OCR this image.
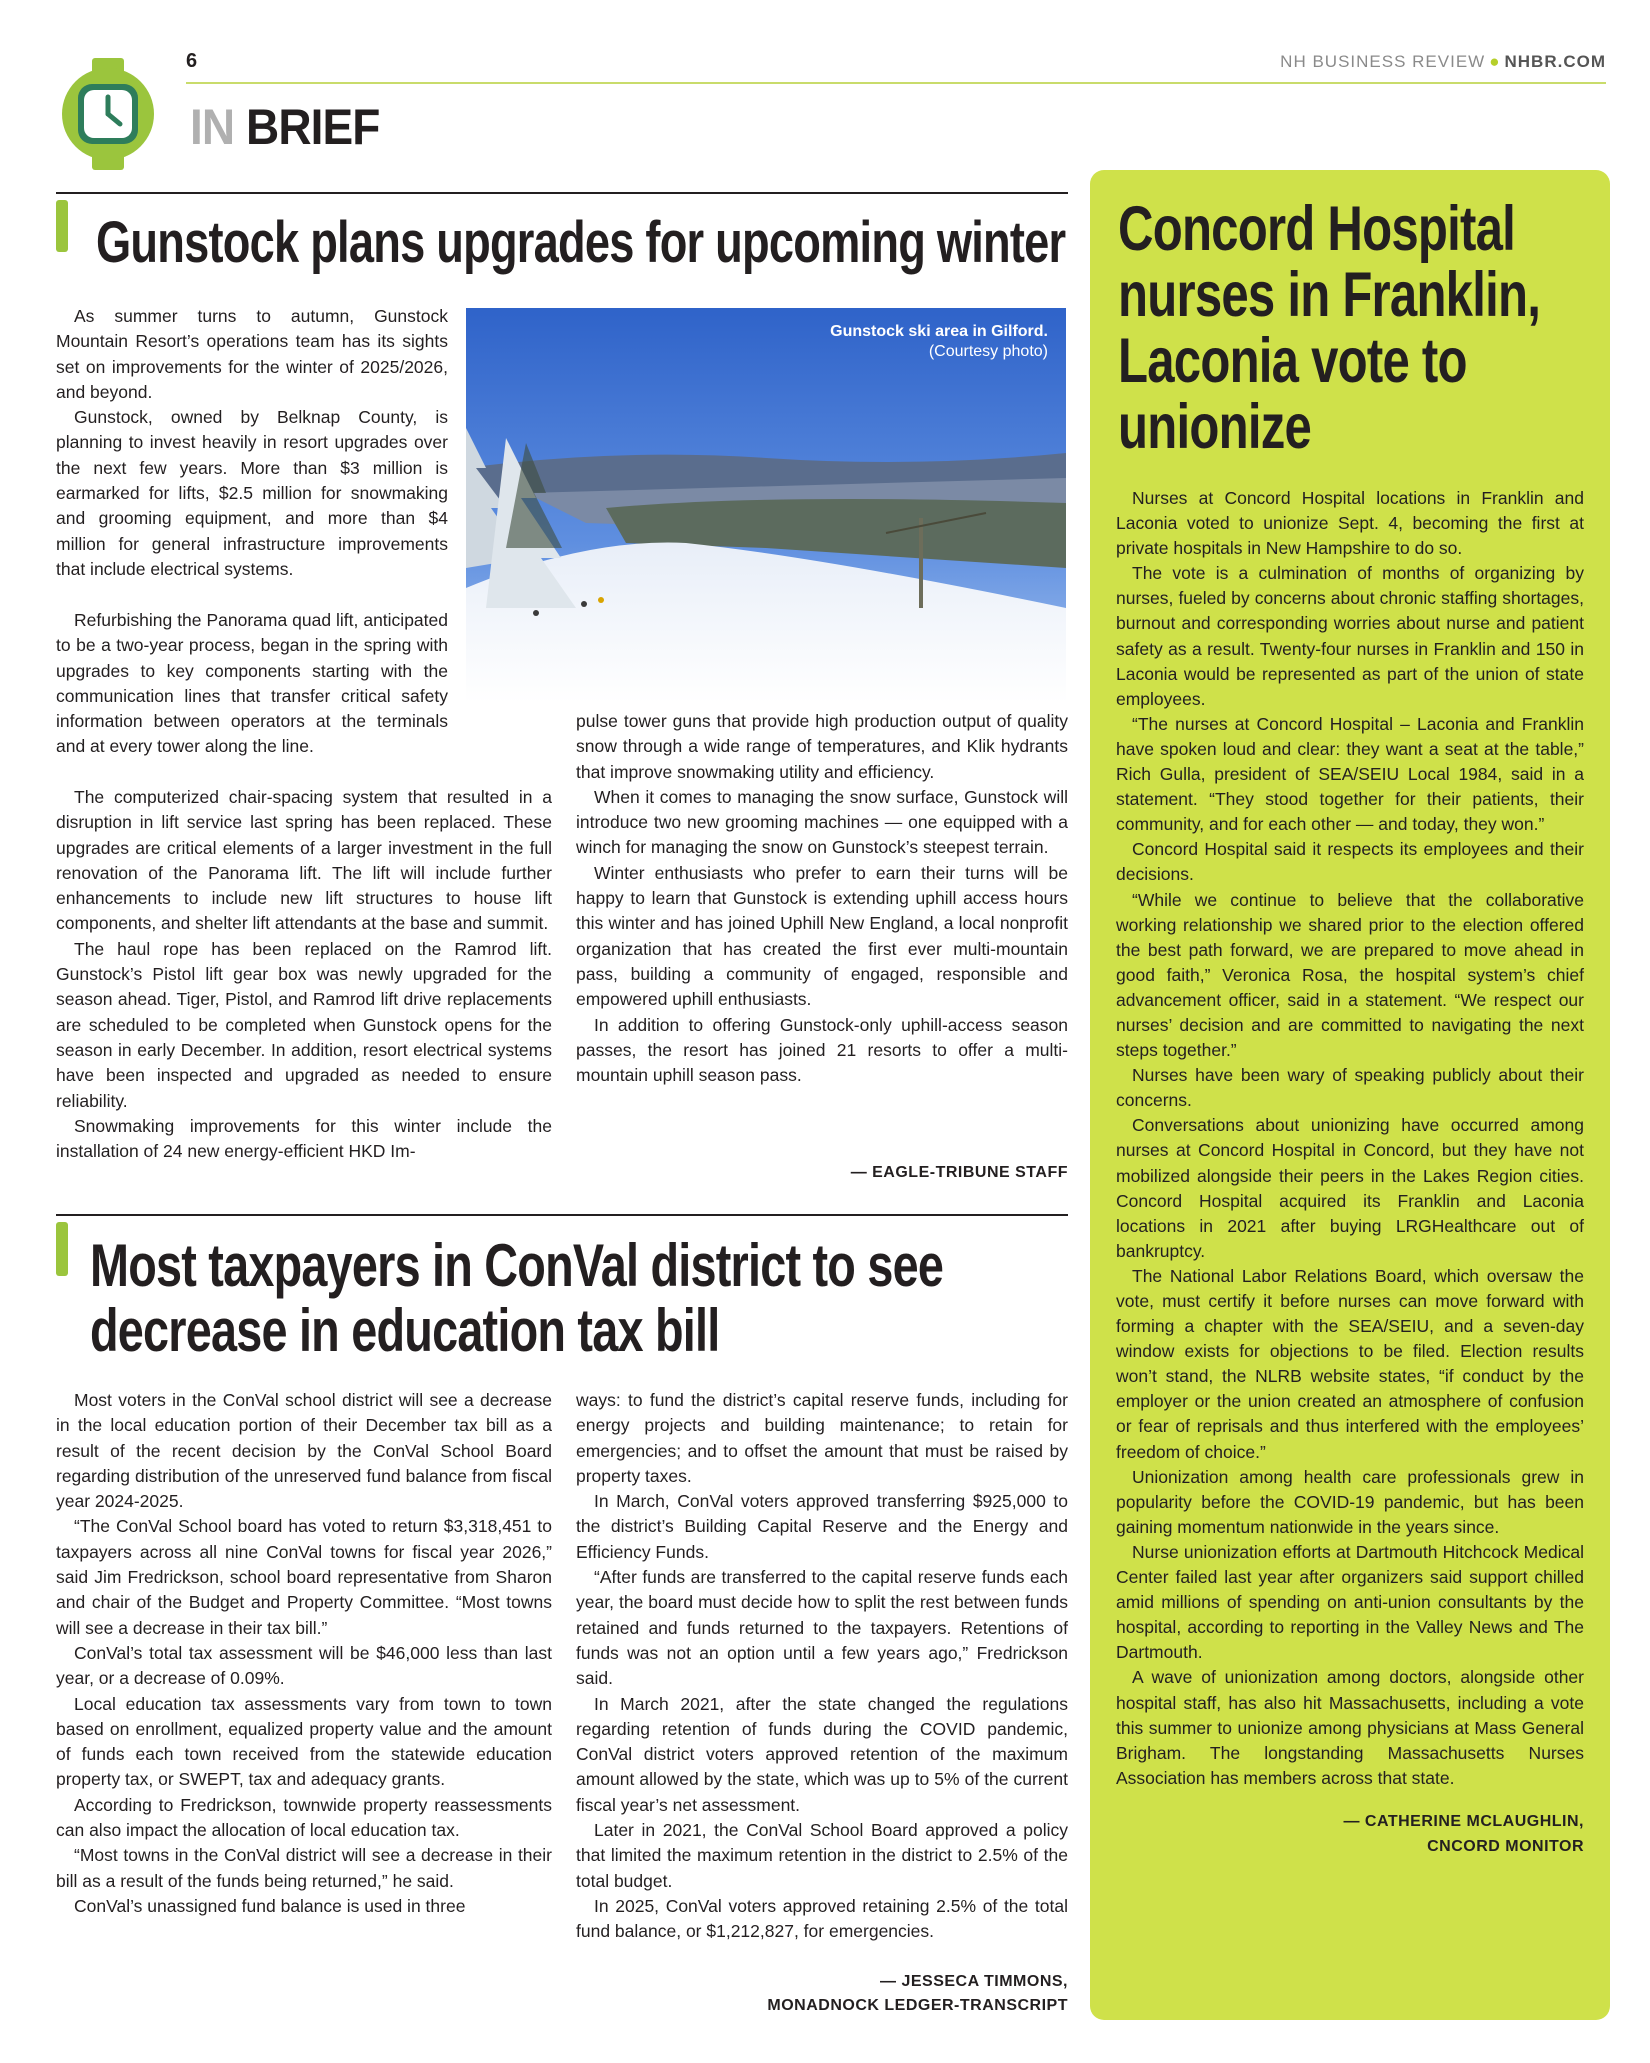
6	NH BUSINESS REVIEW ● NHBR.COM
IN BRIEF
Gunstock plans upgrades for upcoming winter
Gunstock ski area in Gilford.
(Courtesy photo)

As summer turns to autumn, Gunstock Mountain Resort’s operations team has its sights set on improvements for the winter of 2025/2026, and beyond.

Gunstock, owned by Belknap County, is planning to invest heavily in resort upgrades over the next few years. More than $3 million is earmarked for lifts, $2.5 million for snowmaking and grooming equipment, and more than $4 million for general infrastructure improvements that include electrical systems.

Refurbishing the Panorama quad lift, anticipated to be a two-year process, began in the spring with upgrades to key components starting with the communication lines that transfer critical safety information between operators at the terminals and at every tower along the line.

The computerized chair-spacing system that resulted in a disruption in lift service last spring has been replaced. These upgrades are critical elements of a larger investment in the full renovation of the Panorama lift. The lift will include further enhancements to include new lift structures to house lift components, and shelter lift attendants at the base and summit.

The haul rope has been replaced on the Ramrod lift. Gunstock’s Pistol lift gear box was newly upgraded for the season ahead. Tiger, Pistol, and Ramrod lift drive replacements are scheduled to be completed when Gunstock opens for the season in early December. In addition, resort electrical systems have been inspected and upgraded as needed to ensure reliability.

Snowmaking improvements for this winter include the installation of 24 new energy-efficient HKD Im-

pulse tower guns that provide high production output of quality snow through a wide range of temperatures, and Klik hydrants that improve snowmaking utility and efficiency.

When it comes to managing the snow surface, Gunstock will introduce two new grooming machines — one equipped with a winch for managing the snow on Gunstock’s steepest terrain.

Winter enthusiasts who prefer to earn their turns will be happy to learn that Gunstock is extending uphill access hours this winter and has joined Uphill New England, a local nonprofit organization that has created the first ever multi-mountain pass, building a community of engaged, responsible and empowered uphill enthusiasts.

In addition to offering Gunstock-only uphill-access season passes, the resort has joined 21 resorts to offer a multi-mountain uphill season pass.

— EAGLE-TRIBUNE STAFF
Most taxpayers in ConVal district to see
decrease in education tax bill

Most voters in the ConVal school district will see a decrease in the local education portion of their December tax bill as a result of the recent decision by the ConVal School Board regarding distribution of the unreserved fund balance from fiscal year 2024-2025.

“The ConVal School board has voted to return $3,318,451 to taxpayers across all nine ConVal towns for fiscal year 2026,” said Jim Fredrickson, school board representative from Sharon and chair of the Budget and Property Committee. “Most towns will see a decrease in their tax bill.”

ConVal’s total tax assessment will be $46,000 less than last year, or a decrease of 0.09%.

Local education tax assessments vary from town to town based on enrollment, equalized property value and the amount of funds each town received from the statewide education property tax, or SWEPT, tax and adequacy grants.

According to Fredrickson, townwide property reassessments can also impact the allocation of local education tax.

“Most towns in the ConVal district will see a decrease in their bill as a result of the funds being returned,” he said.

ConVal’s unassigned fund balance is used in three

ways: to fund the district’s capital reserve funds, including for energy projects and building maintenance; to retain for emergencies; and to offset the amount that must be raised by property taxes.

In March, ConVal voters approved transferring $925,000 to the district’s Building Capital Reserve and the Energy and Efficiency Funds.

“After funds are transferred to the capital reserve funds each year, the board must decide how to split the rest between funds retained and funds returned to the taxpayers. Retentions of funds was not an option until a few years ago,” Fredrickson said.

In March 2021, after the state changed the regulations regarding retention of funds during the COVID pandemic, ConVal district voters approved retention of the maximum amount allowed by the state, which was up to 5% of the current fiscal year’s net assessment.

Later in 2021, the ConVal School Board approved a policy that limited the maximum retention in the district to 2.5% of the total budget.

In 2025, ConVal voters approved retaining 2.5% of the total fund balance, or $1,212,827, for emergencies.

— JESSECA TIMMONS,
MONADNOCK LEDGER-TRANSCRIPT
Concord Hospital
nurses in Franklin,
Laconia vote to
unionize

Nurses at Concord Hospital locations in Franklin and Laconia voted to unionize Sept. 4, becoming the first at private hospitals in New Hampshire to do so.

The vote is a culmination of months of organizing by nurses, fueled by concerns about chronic staffing shortages, burnout and corresponding worries about nurse and patient safety as a result. Twenty-four nurses in Franklin and 150 in Laconia would be represented as part of the union of state employees.

“The nurses at Concord Hospital – Laconia and Franklin have spoken loud and clear: they want a seat at the table,” Rich Gulla, president of SEA/SEIU Local 1984, said in a statement. “They stood together for their patients, their community, and for each other — and today, they won.”

Concord Hospital said it respects its employees and their decisions.

“While we continue to believe that the collaborative working relationship we shared prior to the election offered the best path forward, we are prepared to move ahead in good faith,” Veronica Rosa, the hospital system’s chief advancement officer, said in a statement. “We respect our nurses’ decision and are committed to navigating the next steps together.”

Nurses have been wary of speaking publicly about their concerns.

Conversations about unionizing have occurred among nurses at Concord Hospital in Concord, but they have not mobilized alongside their peers in the Lakes Region cities. Concord Hospital acquired its Franklin and Laconia locations in 2021 after buying LRGHealthcare out of bankruptcy.

The National Labor Relations Board, which oversaw the vote, must certify it before nurses can move forward with forming a chapter with the SEA/SEIU, and a seven-day window exists for objections to be filed. Election results won’t stand, the NLRB website states, “if conduct by the employer or the union created an atmosphere of confusion or fear of reprisals and thus interfered with the employees’ freedom of choice.”

Unionization among health care professionals grew in popularity before the COVID-19 pandemic, but has been gaining momentum nationwide in the years since.

Nurse unionization efforts at Dartmouth Hitchcock Medical Center failed last year after organizers said support chilled amid millions of spending on anti-union consultants by the hospital, according to reporting in the Valley News and The Dartmouth.

A wave of unionization among doctors, alongside other hospital staff, has also hit Massachusetts, including a vote this summer to unionize among physicians at Mass General Brigham. The longstanding Massachusetts Nurses Association has members across that state.

— CATHERINE MCLAUGHLIN,
CNCORD MONITOR
